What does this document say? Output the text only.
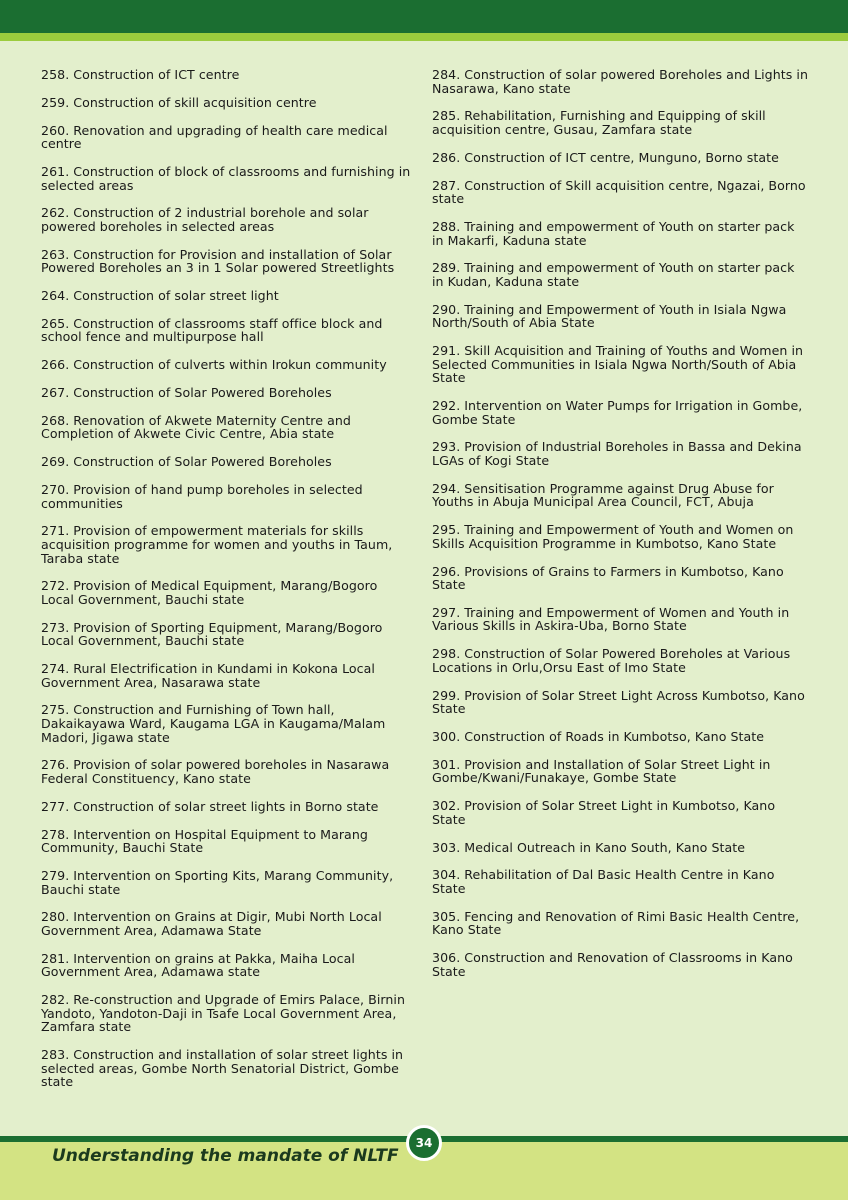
258. Construction of ICT centre

259. Construction of skill acquisition centre

260. Renovation and upgrading of health care medical centre

261. Construction of block of classrooms and furnishing in selected areas

262. Construction of 2 industrial borehole and solar powered boreholes in selected areas

263. Construction for Provision and installation of Solar Powered Boreholes an 3 in 1 Solar powered Streetlights

264. Construction of solar street light

265. Construction of classrooms staff office block and school fence and multipurpose hall

266. Construction of culverts within Irokun community

267. Construction of Solar Powered Boreholes

268. Renovation of Akwete Maternity Centre and Completion of Akwete Civic Centre, Abia state

269. Construction of Solar Powered Boreholes

270. Provision of hand pump boreholes in selected communities

271. Provision of empowerment materials for skills acquisition programme for women and youths in Taum, Taraba state

272. Provision of Medical Equipment, Marang/Bogoro Local Government, Bauchi state

273. Provision of Sporting Equipment, Marang/Bogoro Local Government, Bauchi state

274. Rural Electrification in Kundami in Kokona Local Government Area, Nasarawa state

275. Construction and Furnishing of Town hall, Dakaikayawa Ward, Kaugama LGA in Kaugama/Malam Madori, Jigawa state

276. Provision of solar powered boreholes in Nasarawa Federal Constituency, Kano state

277. Construction of solar street lights in Borno state

278. Intervention on Hospital Equipment to Marang Community, Bauchi State

279. Intervention on Sporting Kits, Marang Community, Bauchi state

280. Intervention on Grains at Digir, Mubi North Local Government Area, Adamawa State

281. Intervention on grains at Pakka, Maiha Local Government Area, Adamawa state

282. Re-construction and Upgrade of Emirs Palace, Birnin Yandoto, Yandoton-Daji in Tsafe Local Government Area, Zamfara state

283. Construction and installation of solar street lights in selected areas, Gombe North Senatorial District, Gombe state

284. Construction of solar powered Boreholes and Lights in Nasarawa, Kano state

285. Rehabilitation, Furnishing and Equipping of skill acquisition centre, Gusau, Zamfara state

286. Construction of ICT centre, Munguno, Borno state

287. Construction of Skill acquisition centre, Ngazai, Borno state

288. Training and empowerment of Youth on starter pack in Makarfi, Kaduna state

289. Training and empowerment of Youth on starter pack in Kudan, Kaduna state

290. Training and Empowerment of Youth in Isiala Ngwa North/South of Abia State

291. Skill Acquisition and Training of Youths and Women in Selected Communities in Isiala Ngwa North/South of Abia State

292. Intervention on Water Pumps for Irrigation in Gombe, Gombe State

293. Provision of Industrial Boreholes in Bassa and Dekina LGAs of Kogi State

294. Sensitisation Programme against Drug Abuse for Youths in Abuja Municipal Area Council, FCT, Abuja

295. Training and Empowerment of Youth and Women on Skills Acquisition Programme in Kumbotso, Kano State

296. Provisions of Grains to Farmers in Kumbotso, Kano State

297. Training and Empowerment of Women and Youth in Various Skills in Askira-Uba, Borno State

298. Construction of Solar Powered Boreholes at Various Locations in Orlu,Orsu East of Imo State

299. Provision of Solar Street Light Across Kumbotso, Kano State

300. Construction of Roads in Kumbotso, Kano State

301. Provision and Installation of Solar Street Light in Gombe/Kwani/Funakaye, Gombe State

302. Provision of Solar Street Light in Kumbotso, Kano State

303. Medical Outreach in Kano South, Kano State

304. Rehabilitation of Dal Basic Health Centre in Kano State

305. Fencing and Renovation of Rimi Basic Health Centre, Kano State

306. Construction and Renovation of Classrooms in Kano State

Understanding the mandate of NLTF
34
